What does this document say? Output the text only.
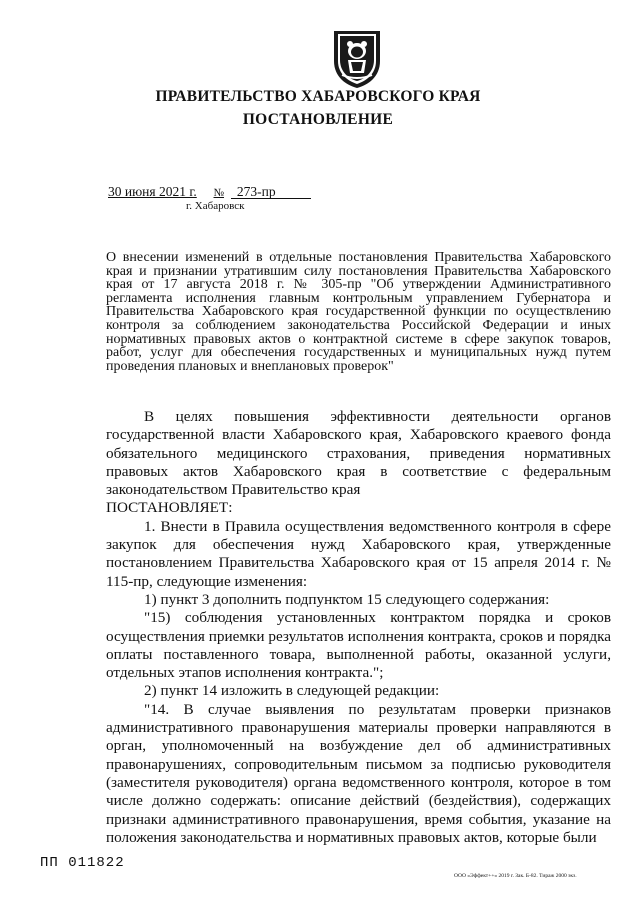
ПРАВИТЕЛЬСТВО ХАБАРОВСКОГО КРАЯ
ПОСТАНОВЛЕНИЕ
30 июня 2021 г. № 273-пр
г. Хабаровск
О внесении изменений в отдельные постановления Правительства Хабаровского края и признании утратившим силу постановления Правительства Хабаровского края от 17 августа 2018 г. № 305-пр "Об утверждении Административного регламента исполнения главным контрольным управлением Губернатора и Правительства Хабаровского края государственной функции по осуществлению контроля за соблюдением законодательства Российской Федерации и иных нормативных правовых актов о контрактной системе в сфере закупок товаров, работ, услуг для обеспечения государственных и муниципальных нужд путем проведения плановых и внеплановых проверок"

В целях повышения эффективности деятельности органов государственной власти Хабаровского края, Хабаровского краевого фонда обязательного медицинского страхования, приведения нормативных правовых актов Хабаровского края в соответствие с федеральным законодательством Правительство края

ПОСТАНОВЛЯЕТ:

1. Внести в Правила осуществления ведомственного контроля в сфере закупок для обеспечения нужд Хабаровского края, утвержденные постановлением Правительства Хабаровского края от 15 апреля 2014 г. № 115-пр, следующие изменения:

1) пункт 3 дополнить подпунктом 15 следующего содержания:

"15) соблюдения установленных контрактом порядка и сроков осуществления приемки результатов исполнения контракта, сроков и порядка оплаты поставленного товара, выполненной работы, оказанной услуги, отдельных этапов исполнения контракта.";

2) пункт 14 изложить в следующей редакции:

"14. В случае выявления по результатам проверки признаков административного правонарушения материалы проверки направляются в орган, уполномоченный на возбуждение дел об административных правонарушениях, сопроводительным письмом за подписью руководителя (заместителя руководителя) органа ведомственного контроля, которое в том числе должно содержать: описание действий (бездействия), содержащих признаки административного правонарушения, время события, указание на положения законодательства и нормативных правовых актов, которые были

ПП 011822
ООО «Эффект++» 2019 г. Зак. Б-82. Тираж 2000 экз.
